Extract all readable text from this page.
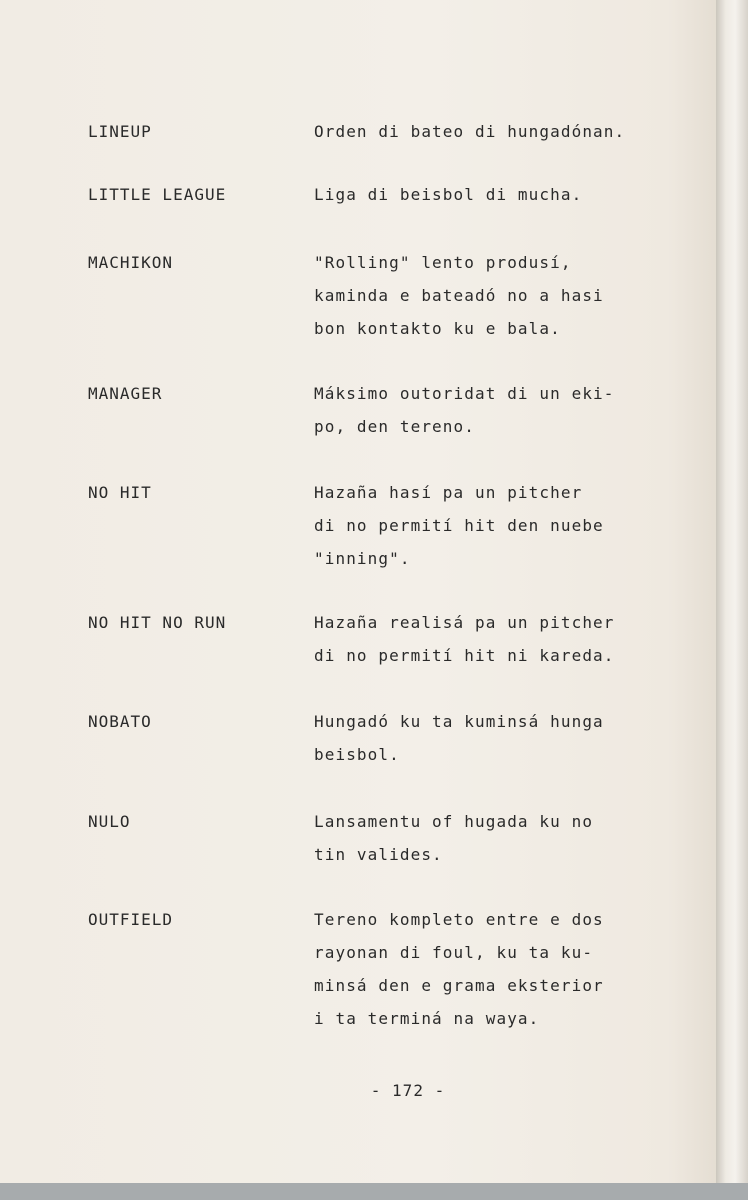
LINEUP	Orden di bateo di hungadónan.
LITTLE LEAGUE	Liga di beisbol di mucha.
MACHIKON	"Rolling" lento produsí,
kaminda e bateadó no a hasi
bon kontakto ku e bala.
MANAGER	Máksimo outoridat di un eki-
po, den tereno.
NO HIT	Hazaña hasí pa un pitcher
di no permití hit den nuebe
"inning".
NO HIT NO RUN	Hazaña realisá pa un pitcher
di no permití hit ni kareda.
NOBATO	Hungadó ku ta kuminsá hunga
beisbol.
NULO	Lansamentu of hugada ku no
tin valides.
OUTFIELD	Tereno kompleto entre e dos
rayonan di foul, ku ta ku-
minsá den e grama eksterior
i ta terminá na waya.
- 172 -
